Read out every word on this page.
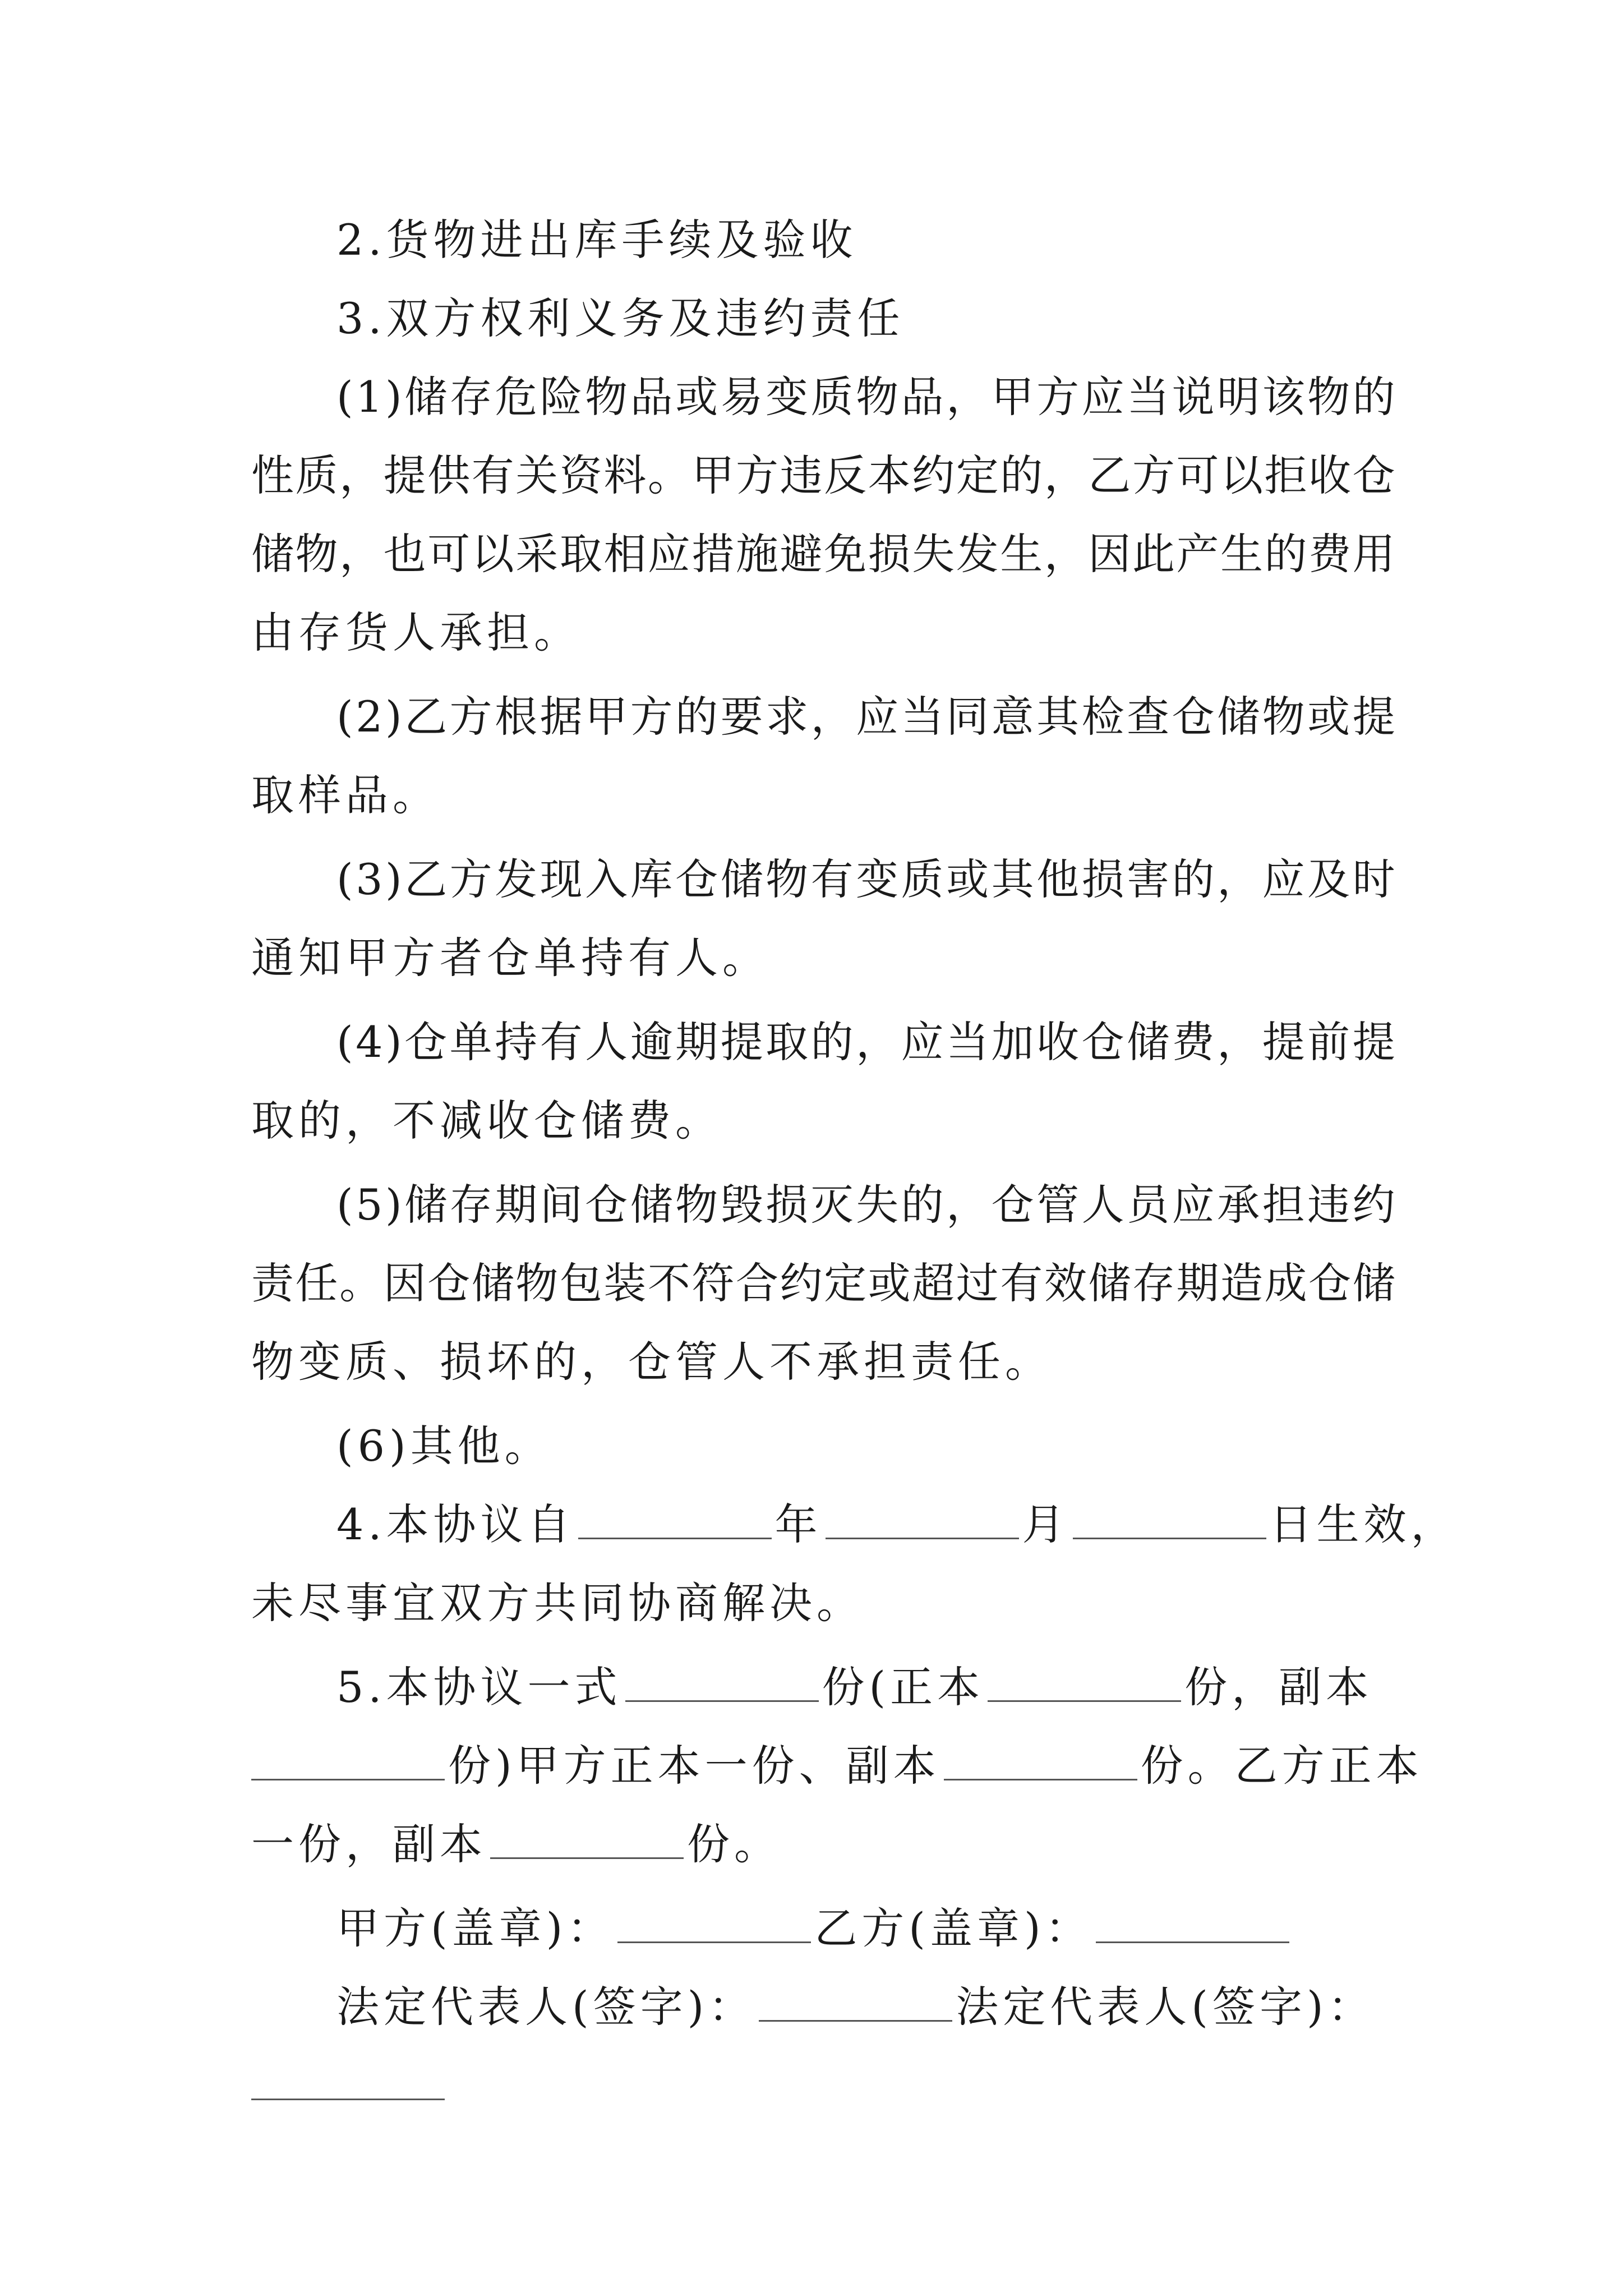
2.货物进出库手续及验收
3.双方权利义务及违约责任
( 1 ) 储 存 危 险 物 品 或 易 变 质 物 品 ， 甲 方 应 当 说 明 该 物 的
性 质 ， 提 供 有 关 资 料 。 甲 方 违 反 本 约 定 的 ， 乙 方 可 以 拒 收 仓
储 物 ， 也 可 以 采 取 相 应 措 施 避 免 损 失 发 生 ， 因 此 产 生 的 费 用
由存货人承担。
( 2 ) 乙 方 根 据 甲 方 的 要 求 ， 应 当 同 意 其 检 查 仓 储 物 或 提
取样品。
( 3 ) 乙 方 发 现 入 库 仓 储 物 有 变 质 或 其 他 损 害 的 ， 应 及 时
通知甲方者仓单持有人。
( 4 ) 仓 单 持 有 人 逾 期 提 取 的 ， 应 当 加 收 仓 储 费 ， 提 前 提
取的，不减收仓储费。
( 5 ) 储 存 期 间 仓 储 物 毁 损 灭 失 的 ， 仓 管 人 员 应 承 担 违 约
责 任 。 因 仓 储 物 包 装 不 符 合 约 定 或 超 过 有 效 储 存 期 造 成 仓 储
物变质、损坏的，仓管人不承担责任。
(6)其他。
4.本协议自	年	月	日生效，
未尽事宜双方共同协商解决。
5.本协议一式	份(正本	份，副本
份)甲方正本一份、副本	份。乙方正本
一份，副本	份。
甲方(盖章)：	乙方(盖章)：
法定代表人(签字)：	法定代表人(签字)：
